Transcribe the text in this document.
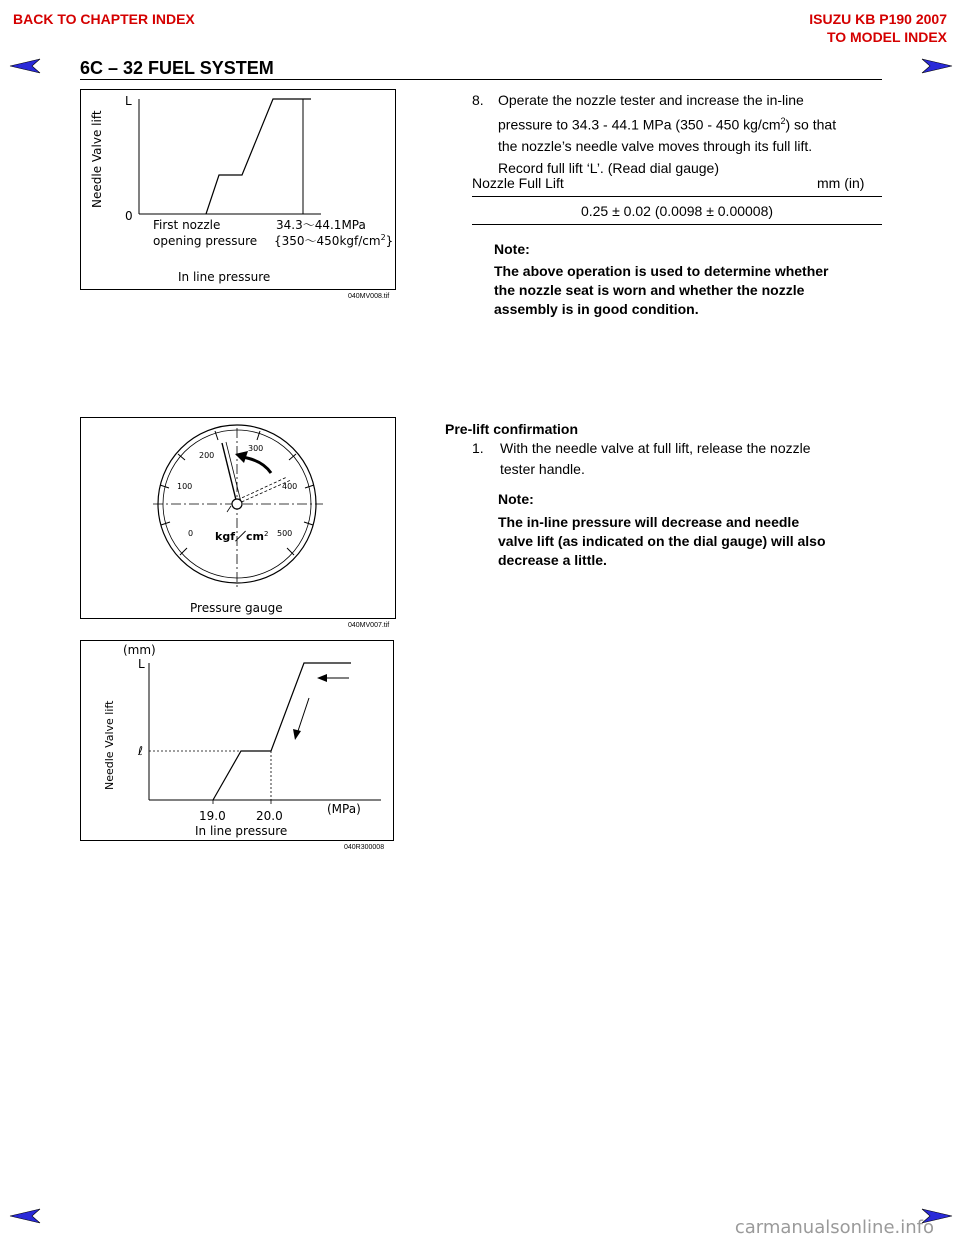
BACK TO CHAPTER INDEX	ISUZU KB P190 2007
TO MODEL INDEX
6C – 32 FUEL SYSTEM
Needle Valve lift
L
0
First nozzle
opening pressure
34.3～44.1MPa
$\{350\sim 450kgf/cm^2\}$
In line pressure
040MV008.tif
8. Operate the nozzle tester and increase the in-line
pressure to 34.3 - 44.1 MPa (350 - 450 $kg/cm^2$) so that
the nozzle’s needle valve moves through its full lift.
Record full lift ‘L’. (Read dial gauge)
Nozzle Full Lift	mm (in)
0.25 ± 0.02 (0.0098 ± 0.00008)
Note:
The above operation is used to determine whether
the nozzle seat is worn and whether the nozzle
assembly is in good condition.
0
100
200
300
400
500
$kgf/cm^2$
Pressure gauge
040MV007.tif
Pre-lift confirmation
1. With the needle valve at full lift, release the nozzle
tester handle.
Note:
The in-line pressure will decrease and needle
valve lift (as indicated on the dial gauge) will also
decrease a little.
(mm)
L
ℓ
Needle Valve lift
19.0	20.0	(MPa)
In line pressure
040R300008
carmanualsonline.info
